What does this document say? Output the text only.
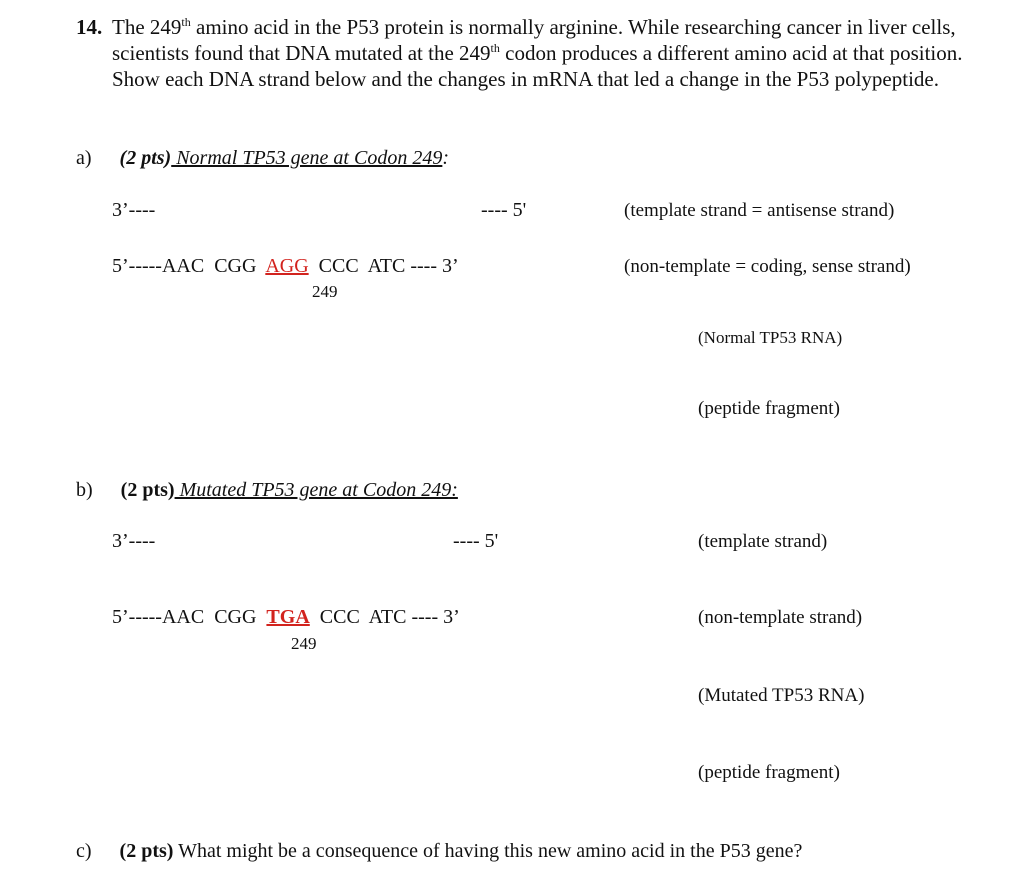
14. The 249th amino acid in the P53 protein is normally arginine. While researching cancer in liver cells, scientists found that DNA mutated at the 249th codon produces a different amino acid at that position. Show each DNA strand below and the changes in mRNA that led a change in the P53 polypeptide.
a) (2 pts) Normal TP53 gene at Codon 249:
3’----	---- 5'	(template strand = antisense strand)
5’-----AAC  CGG  AGG  CCC  ATC ---- 3’
249
(non-template = coding, sense strand)
(Normal TP53 RNA)
(peptide fragment)
b) (2 pts) Mutated TP53 gene at Codon 249:
3’----	---- 5'	(template strand)
5’-----AAC  CGG  TGA  CCC  ATC ---- 3’
249
(non-template strand)
(Mutated TP53 RNA)
(peptide fragment)
c) (2 pts) What might be a consequence of having this new amino acid in the P53 gene?
